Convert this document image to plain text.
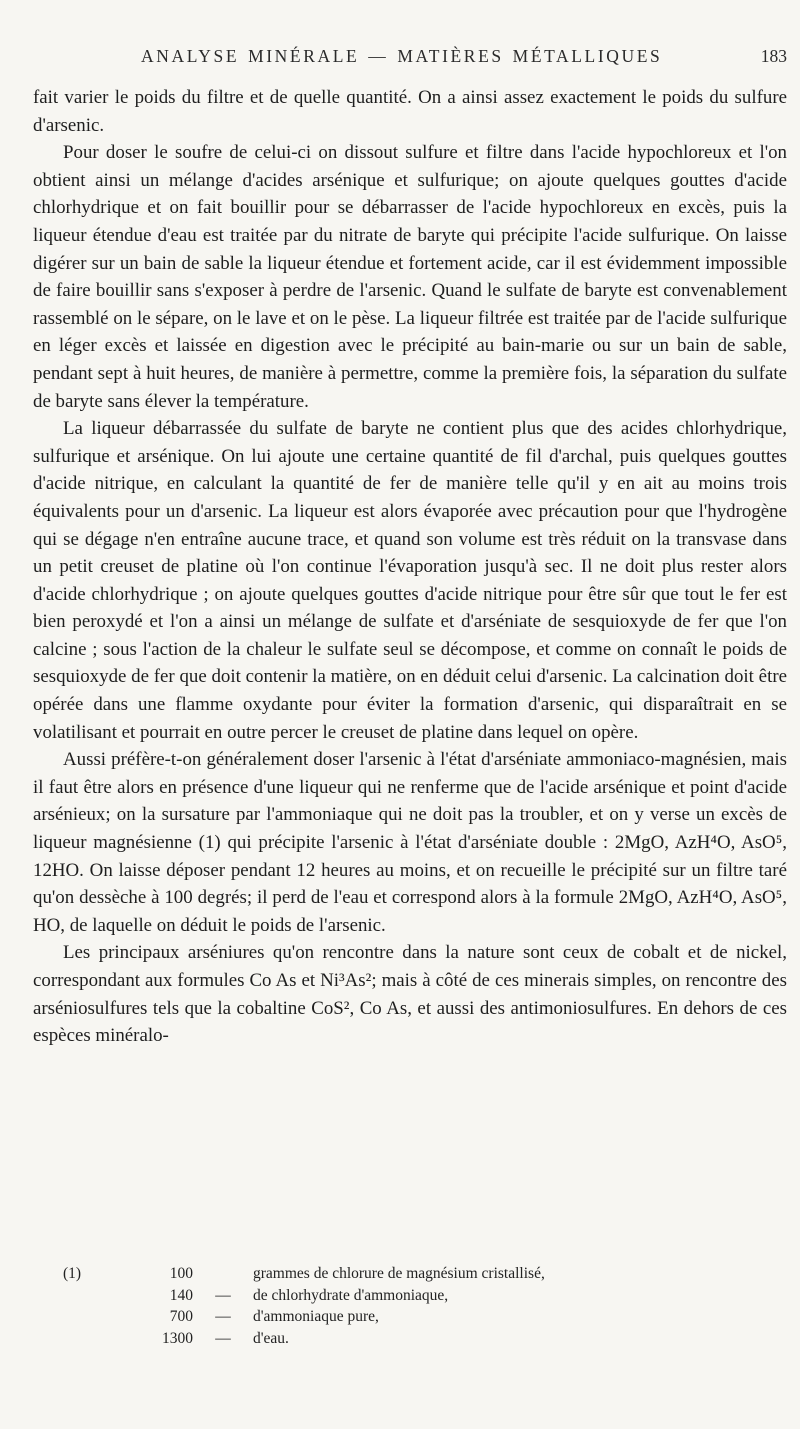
ANALYSE MINÉRALE — MATIÈRES MÉTALLIQUES	183

fait varier le poids du filtre et de quelle quantité. On a ainsi assez exactement le poids du sulfure d'arsenic.

Pour doser le soufre de celui-ci on dissout sulfure et filtre dans l'acide hypochloreux et l'on obtient ainsi un mélange d'acides arsénique et sulfurique; on ajoute quelques gouttes d'acide chlorhydrique et on fait bouillir pour se débarrasser de l'acide hypochloreux en excès, puis la liqueur étendue d'eau est traitée par du nitrate de baryte qui précipite l'acide sulfurique. On laisse digérer sur un bain de sable la liqueur étendue et fortement acide, car il est évidemment impossible de faire bouillir sans s'exposer à perdre de l'arsenic. Quand le sulfate de baryte est convenablement rassemblé on le sépare, on le lave et on le pèse. La liqueur filtrée est traitée par de l'acide sulfurique en léger excès et laissée en digestion avec le précipité au bain-marie ou sur un bain de sable, pendant sept à huit heures, de manière à permettre, comme la première fois, la séparation du sulfate de baryte sans élever la température.

La liqueur débarrassée du sulfate de baryte ne contient plus que des acides chlorhydrique, sulfurique et arsénique. On lui ajoute une certaine quantité de fil d'archal, puis quelques gouttes d'acide nitrique, en calculant la quantité de fer de manière telle qu'il y en ait au moins trois équivalents pour un d'arsenic. La liqueur est alors évaporée avec précaution pour que l'hydrogène qui se dégage n'en entraîne aucune trace, et quand son volume est très réduit on la transvase dans un petit creuset de platine où l'on continue l'évaporation jusqu'à sec. Il ne doit plus rester alors d'acide chlorhydrique ; on ajoute quelques gouttes d'acide nitrique pour être sûr que tout le fer est bien peroxydé et l'on a ainsi un mélange de sulfate et d'arséniate de sesquioxyde de fer que l'on calcine ; sous l'action de la chaleur le sulfate seul se décompose, et comme on connaît le poids de sesquioxyde de fer que doit contenir la matière, on en déduit celui d'arsenic. La calcination doit être opérée dans une flamme oxydante pour éviter la formation d'arsenic, qui disparaîtrait en se volatilisant et pourrait en outre percer le creuset de platine dans lequel on opère.

Aussi préfère-t-on généralement doser l'arsenic à l'état d'arséniate ammoniaco-magnésien, mais il faut être alors en présence d'une liqueur qui ne renferme que de l'acide arsénique et point d'acide arsénieux; on la sursature par l'ammoniaque qui ne doit pas la troubler, et on y verse un excès de liqueur magnésienne (1) qui précipite l'arsenic à l'état d'arséniate double : 2MgO, AzH⁴O, AsO⁵, 12HO. On laisse déposer pendant 12 heures au moins, et on recueille le précipité sur un filtre taré qu'on dessèche à 100 degrés; il perd de l'eau et correspond alors à la formule 2MgO, AzH⁴O, AsO⁵, HO, de laquelle on déduit le poids de l'arsenic.

Les principaux arséniures qu'on rencontre dans la nature sont ceux de cobalt et de nickel, correspondant aux formules Co As et Ni³As²; mais à côté de ces minerais simples, on rencontre des arséniosulfures tels que la cobaltine CoS², Co As, et aussi des antimoniosulfures. En dehors de ces espèces minéralo-

(1)	100	grammes de chlorure de magnésium cristallisé,
140	—	de chlorhydrate d'ammoniaque,
700	—	d'ammoniaque pure,
1300	—	d'eau.
